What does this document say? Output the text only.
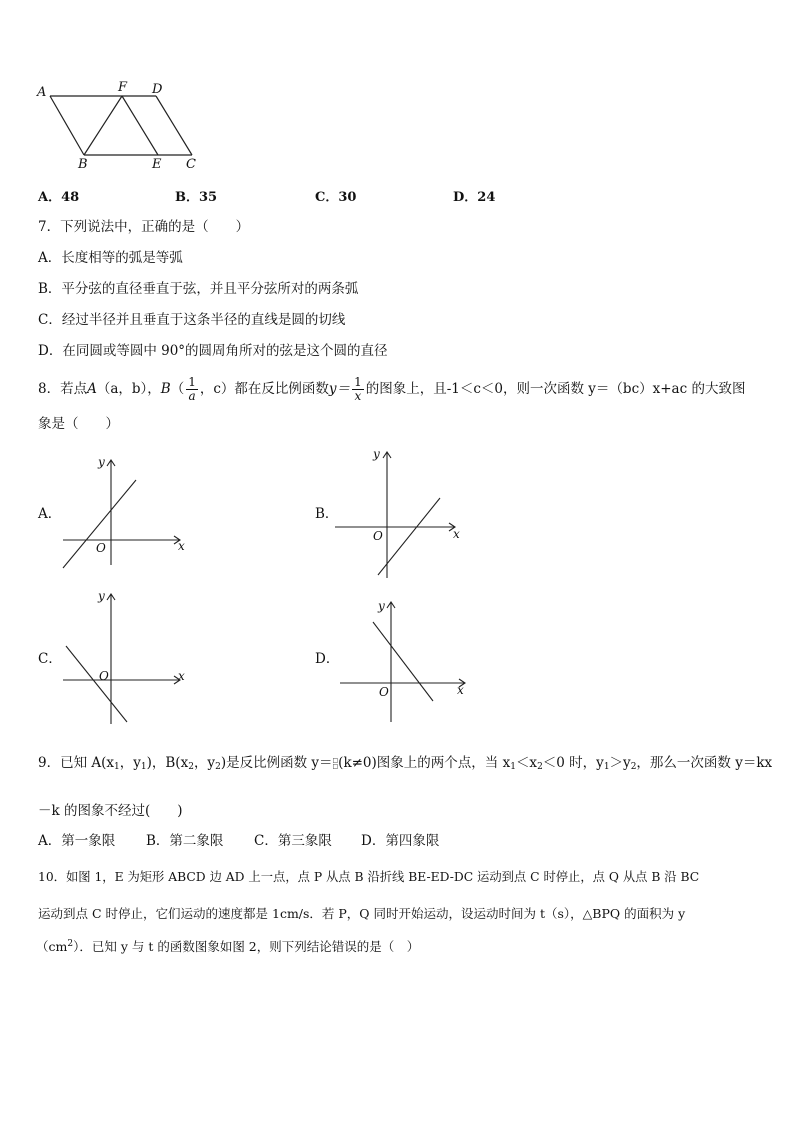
A	F D
B	E C
A．48	B．35	C．30	D．24
7．下列说法中，正确的是（　　）
A．长度相等的弧是等弧
B．平分弦的直径垂直于弦，并且平分弦所对的两条弧
C．经过半径并且垂直于这条半径的直线是圆的切线
D．在同圆或等圆中 90°的圆周角所对的弦是这个圆的直径
8．若点 A （a，b）， B （ $\frac{1}{a}$ ，c）都在反比例函数 $y= \frac{1}{x}$ 的图象上，且-1＜c＜0，则一次函数 y＝（bc）x+ac 的大致图
象是（　　）
A．
y
x
O
B．
y
x
O
C．
y
x
O
D．
y
x
O
9．已知 $A(x_1$，$y_1$)，$B(x_2$，$y_2$)是反比例函数 y＝ □
□ (k≠0)图象上的两个点，当 $x_1<x_2<0$ 时，$y_1>y_2$，那么一次函数 y＝kx
－k 的图象不经过(　　)
A．第一象限 B．第二象限 C．第三象限 D．第四象限
10．如图 1，E 为矩形 ABCD 边 AD 上一点，点 P 从点 B 沿折线 BE-ED-DC 运动到点 C 时停止，点 Q 从点 B 沿 BC
运动到点 C 时停止，它们运动的速度都是 1cm/s．若 P，Q 同时开始运动，设运动时间为 t（s），△BPQ 的面积为 y
$(cm^2)$．已知 y 与 t 的函数图象如图 2，则下列结论错误的是（　）
